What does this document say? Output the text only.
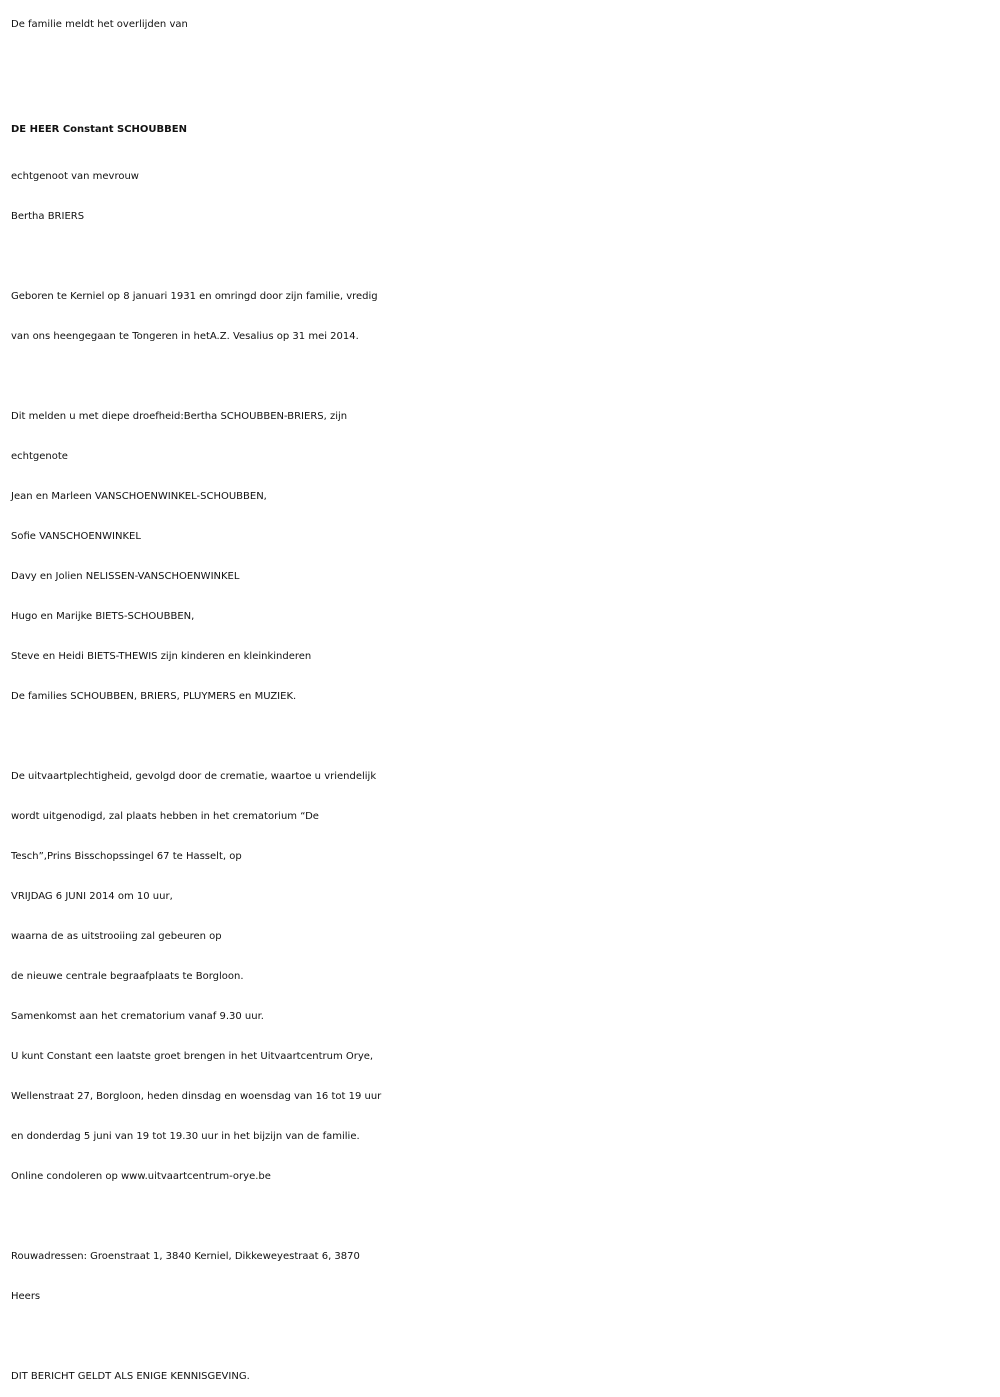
De familie meldt het overlijden van
DE HEER Constant SCHOUBBEN
echtgenoot van mevrouw
Bertha BRIERS
Geboren te Kerniel op 8 januari 1931 en omringd door zijn familie, vredig
van ons heengegaan te Tongeren in hetA.Z. Vesalius op 31 mei 2014.
Dit melden u met diepe droefheid:Bertha SCHOUBBEN-BRIERS, zijn
echtgenote
Jean en Marleen VANSCHOENWINKEL-SCHOUBBEN,
Sofie VANSCHOENWINKEL
Davy en Jolien NELISSEN-VANSCHOENWINKEL
Hugo en Marijke BIETS-SCHOUBBEN,
Steve en Heidi BIETS-THEWIS zijn kinderen en kleinkinderen
De families SCHOUBBEN, BRIERS, PLUYMERS en MUZIEK.
De uitvaartplechtigheid, gevolgd door de crematie, waartoe u vriendelijk
wordt uitgenodigd, zal plaats hebben in het crematorium “De
Tesch”,Prins Bisschopssingel 67 te Hasselt, op
VRIJDAG 6 JUNI 2014 om 10 uur,
waarna de as uitstrooiing zal gebeuren op
de nieuwe centrale begraafplaats te Borgloon.
Samenkomst aan het crematorium vanaf 9.30 uur.
U kunt Constant een laatste groet brengen in het Uitvaartcentrum Orye,
Wellenstraat 27, Borgloon, heden dinsdag en woensdag van 16 tot 19 uur
en donderdag 5 juni van 19 tot 19.30 uur in het bijzijn van de familie.
Online condoleren op www.uitvaartcentrum-orye.be
Rouwadressen: Groenstraat 1, 3840 Kerniel, Dikkeweyestraat 6, 3870
Heers
DIT BERICHT GELDT ALS ENIGE KENNISGEVING.
